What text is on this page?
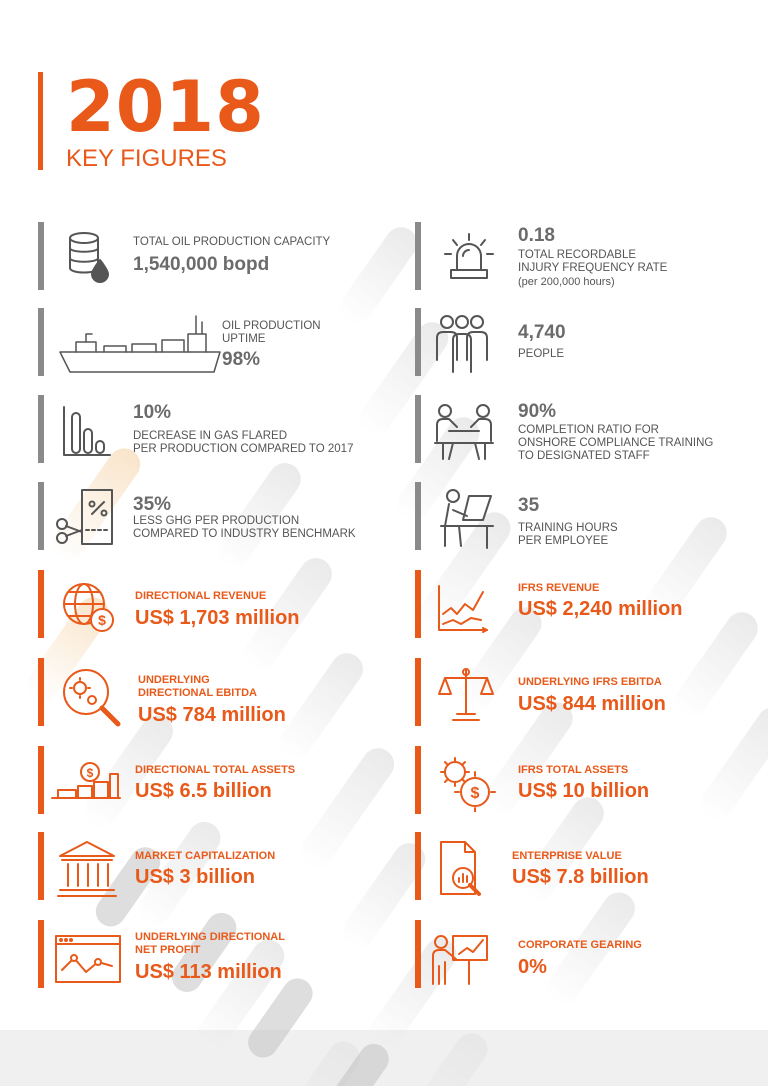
2018
KEY FIGURES
TOTAL OIL PRODUCTION CAPACITY
1,540,000 bopd
0.18
TOTAL RECORDABLE
INJURY FREQUENCY RATE
(per 200,000 hours)
OIL PRODUCTION
UPTIME
98%
4,740
PEOPLE
10%
DECREASE IN GAS FLARED
PER PRODUCTION COMPARED TO 2017
90%
COMPLETION RATIO FOR
ONSHORE COMPLIANCE TRAINING
TO DESIGNATED STAFF
35%
LESS GHG PER PRODUCTION
COMPARED TO INDUSTRY BENCHMARK
35
TRAINING HOURS
PER EMPLOYEE
$
DIRECTIONAL REVENUE
US$ 1,703 million
IFRS REVENUE
US$ 2,240 million
UNDERLYING
DIRECTIONAL EBITDA
US$ 784 million
UNDERLYING IFRS EBITDA
US$ 844 million
$	DIRECTIONAL TOTAL ASSETS
US$ 6.5 billion	$
IFRS TOTAL ASSETS
US$ 10 billion
MARKET CAPITALIZATION
US$ 3 billion
ENTERPRISE VALUE
US$ 7.8 billion
UNDERLYING DIRECTIONAL
NET PROFIT
US$ 113 million
CORPORATE GEARING
0%
